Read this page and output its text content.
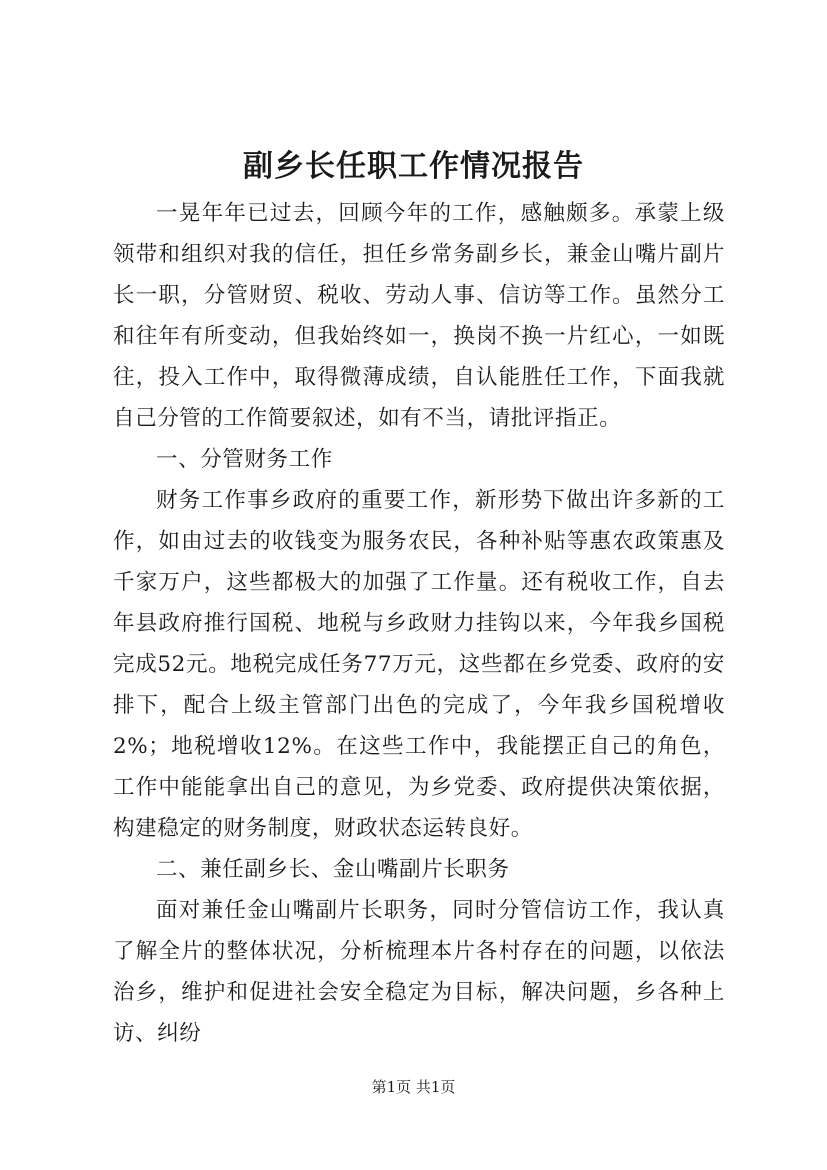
副乡长任职工作情况报告

一晃年年已过去，回顾今年的工作，感触颇多。承蒙上级领带和组织对我的信任，担任乡常务副乡长，兼金山嘴片副片长一职，分管财贸、税收、劳动人事、信访等工作。虽然分工和往年有所变动，但我始终如一，换岗不换一片红心，一如既往，投入工作中，取得微薄成绩，自认能胜任工作，下面我就自己分管的工作简要叙述，如有不当，请批评指正。

一、分管财务工作

财务工作事乡政府的重要工作，新形势下做出许多新的工作，如由过去的收钱变为服务农民，各种补贴等惠农政策惠及千家万户，这些都极大的加强了工作量。还有税收工作，自去年县政府推行国税、地税与乡政财力挂钩以来，今年我乡国税完成52元。地税完成任务77万元，这些都在乡党委、政府的安排下，配合上级主管部门出色的完成了，今年我乡国税增收2%；地税增收12%。在这些工作中，我能摆正自己的角色，工作中能能拿出自己的意见，为乡党委、政府提供决策依据，构建稳定的财务制度，财政状态运转良好。

二、兼任副乡长、金山嘴副片长职务

面对兼任金山嘴副片长职务，同时分管信访工作，我认真了解全片的整体状况，分析梳理本片各村存在的问题，以依法治乡，维护和促进社会安全稳定为目标，解决问题，乡各种上访、纠纷

第1页 共1页
